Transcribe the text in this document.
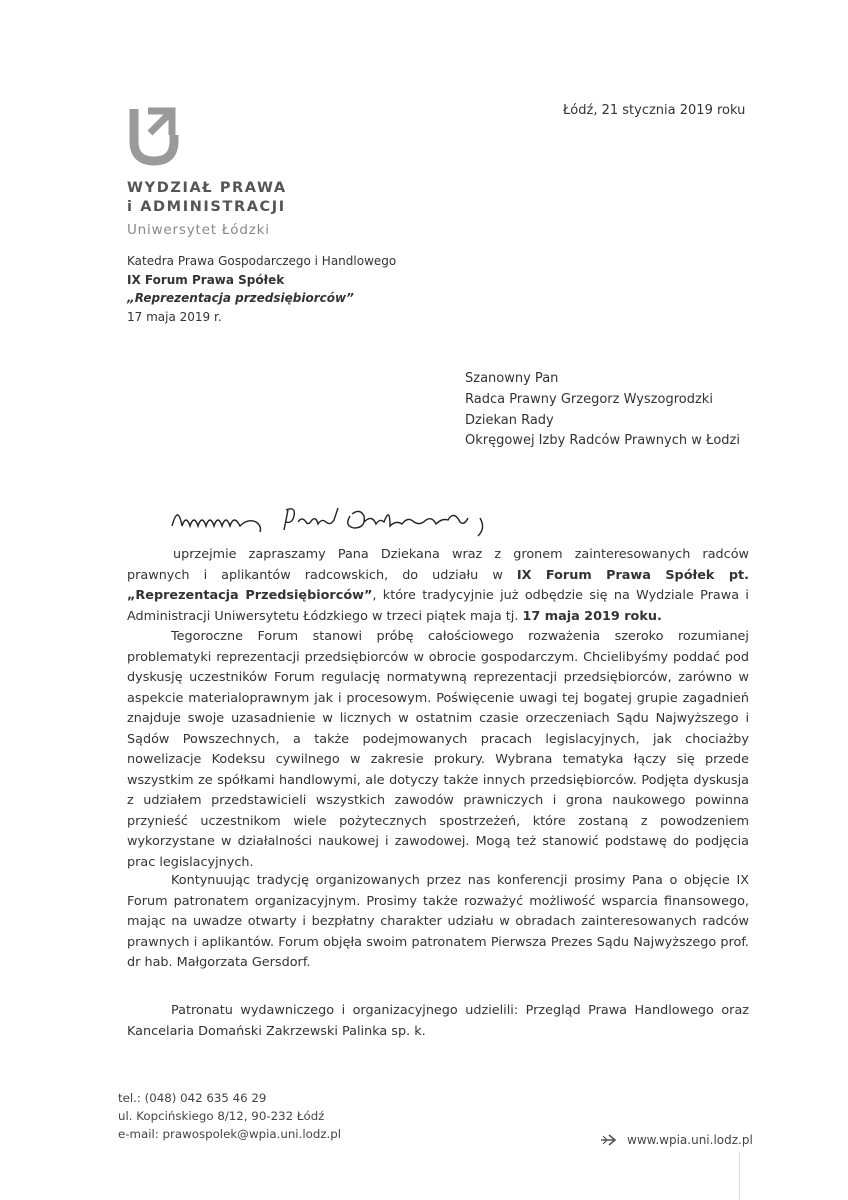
WYDZIAŁ PRAWA
i ADMINISTRACJI
Uniwersytet Łódzki
Katedra Prawa Gospodarczego i Handlowego
IX Forum Prawa Spółek
„Reprezentacja przedsiębiorców”
17 maja 2019 r.
Łódź, 21 stycznia 2019 roku
Szanowny Pan
Radca Prawny Grzegorz Wyszogrodzki
Dziekan Rady
Okręgowej Izby Radców Prawnych w Łodzi

uprzejmie zapraszamy Pana Dziekana wraz z gronem zainteresowanych radców prawnych i aplikantów radcowskich, do udziału w IX Forum Prawa Spółek pt. „Reprezentacja Przedsiębiorców”, które tradycyjnie już odbędzie się na Wydziale Prawa i Administracji Uniwersytetu Łódzkiego w trzeci piątek maja tj. 17 maja 2019 roku.

Tegoroczne Forum stanowi próbę całościowego rozważenia szeroko rozumianej problematyki reprezentacji przedsiębiorców w obrocie gospodarczym. Chcielibyśmy poddać pod dyskusję uczestników Forum regulację normatywną reprezentacji przedsiębiorców, zarówno w aspekcie materialoprawnym jak i procesowym. Poświęcenie uwagi tej bogatej grupie zagadnień znajduje swoje uzasadnienie w licznych w ostatnim czasie orzeczeniach Sądu Najwyższego i Sądów Powszechnych, a także podejmowanych pracach legislacyjnych, jak chociażby nowelizacje Kodeksu cywilnego w zakresie prokury. Wybrana tematyka łączy się przede wszystkim ze spółkami handlowymi, ale dotyczy także innych przedsiębiorców. Podjęta dyskusja z udziałem przedstawicieli wszystkich zawodów prawniczych i grona naukowego powinna przynieść uczestnikom wiele pożytecznych spostrzeżeń, które zostaną z powodzeniem wykorzystane w działalności naukowej i zawodowej. Mogą też stanowić podstawę do podjęcia prac legislacyjnych.

Kontynuując tradycję organizowanych przez nas konferencji prosimy Pana o objęcie IX Forum patronatem organizacyjnym. Prosimy także rozważyć możliwość wsparcia finansowego, mając na uwadze otwarty i bezpłatny charakter udziału w obradach zainteresowanych radców prawnych i aplikantów. Forum objęła swoim patronatem Pierwsza Prezes Sądu Najwyższego prof. dr hab. Małgorzata Gersdorf.

Patronatu wydawniczego i organizacyjnego udzielili: Przegląd Prawa Handlowego oraz Kancelaria Domański Zakrzewski Palinka sp. k.

tel.: (048) 042 635 46 29
ul. Kopcińskiego 8/12, 90-232 Łódź
e-mail: prawospolek@wpia.uni.lodz.pl	www.wpia.uni.lodz.pl
